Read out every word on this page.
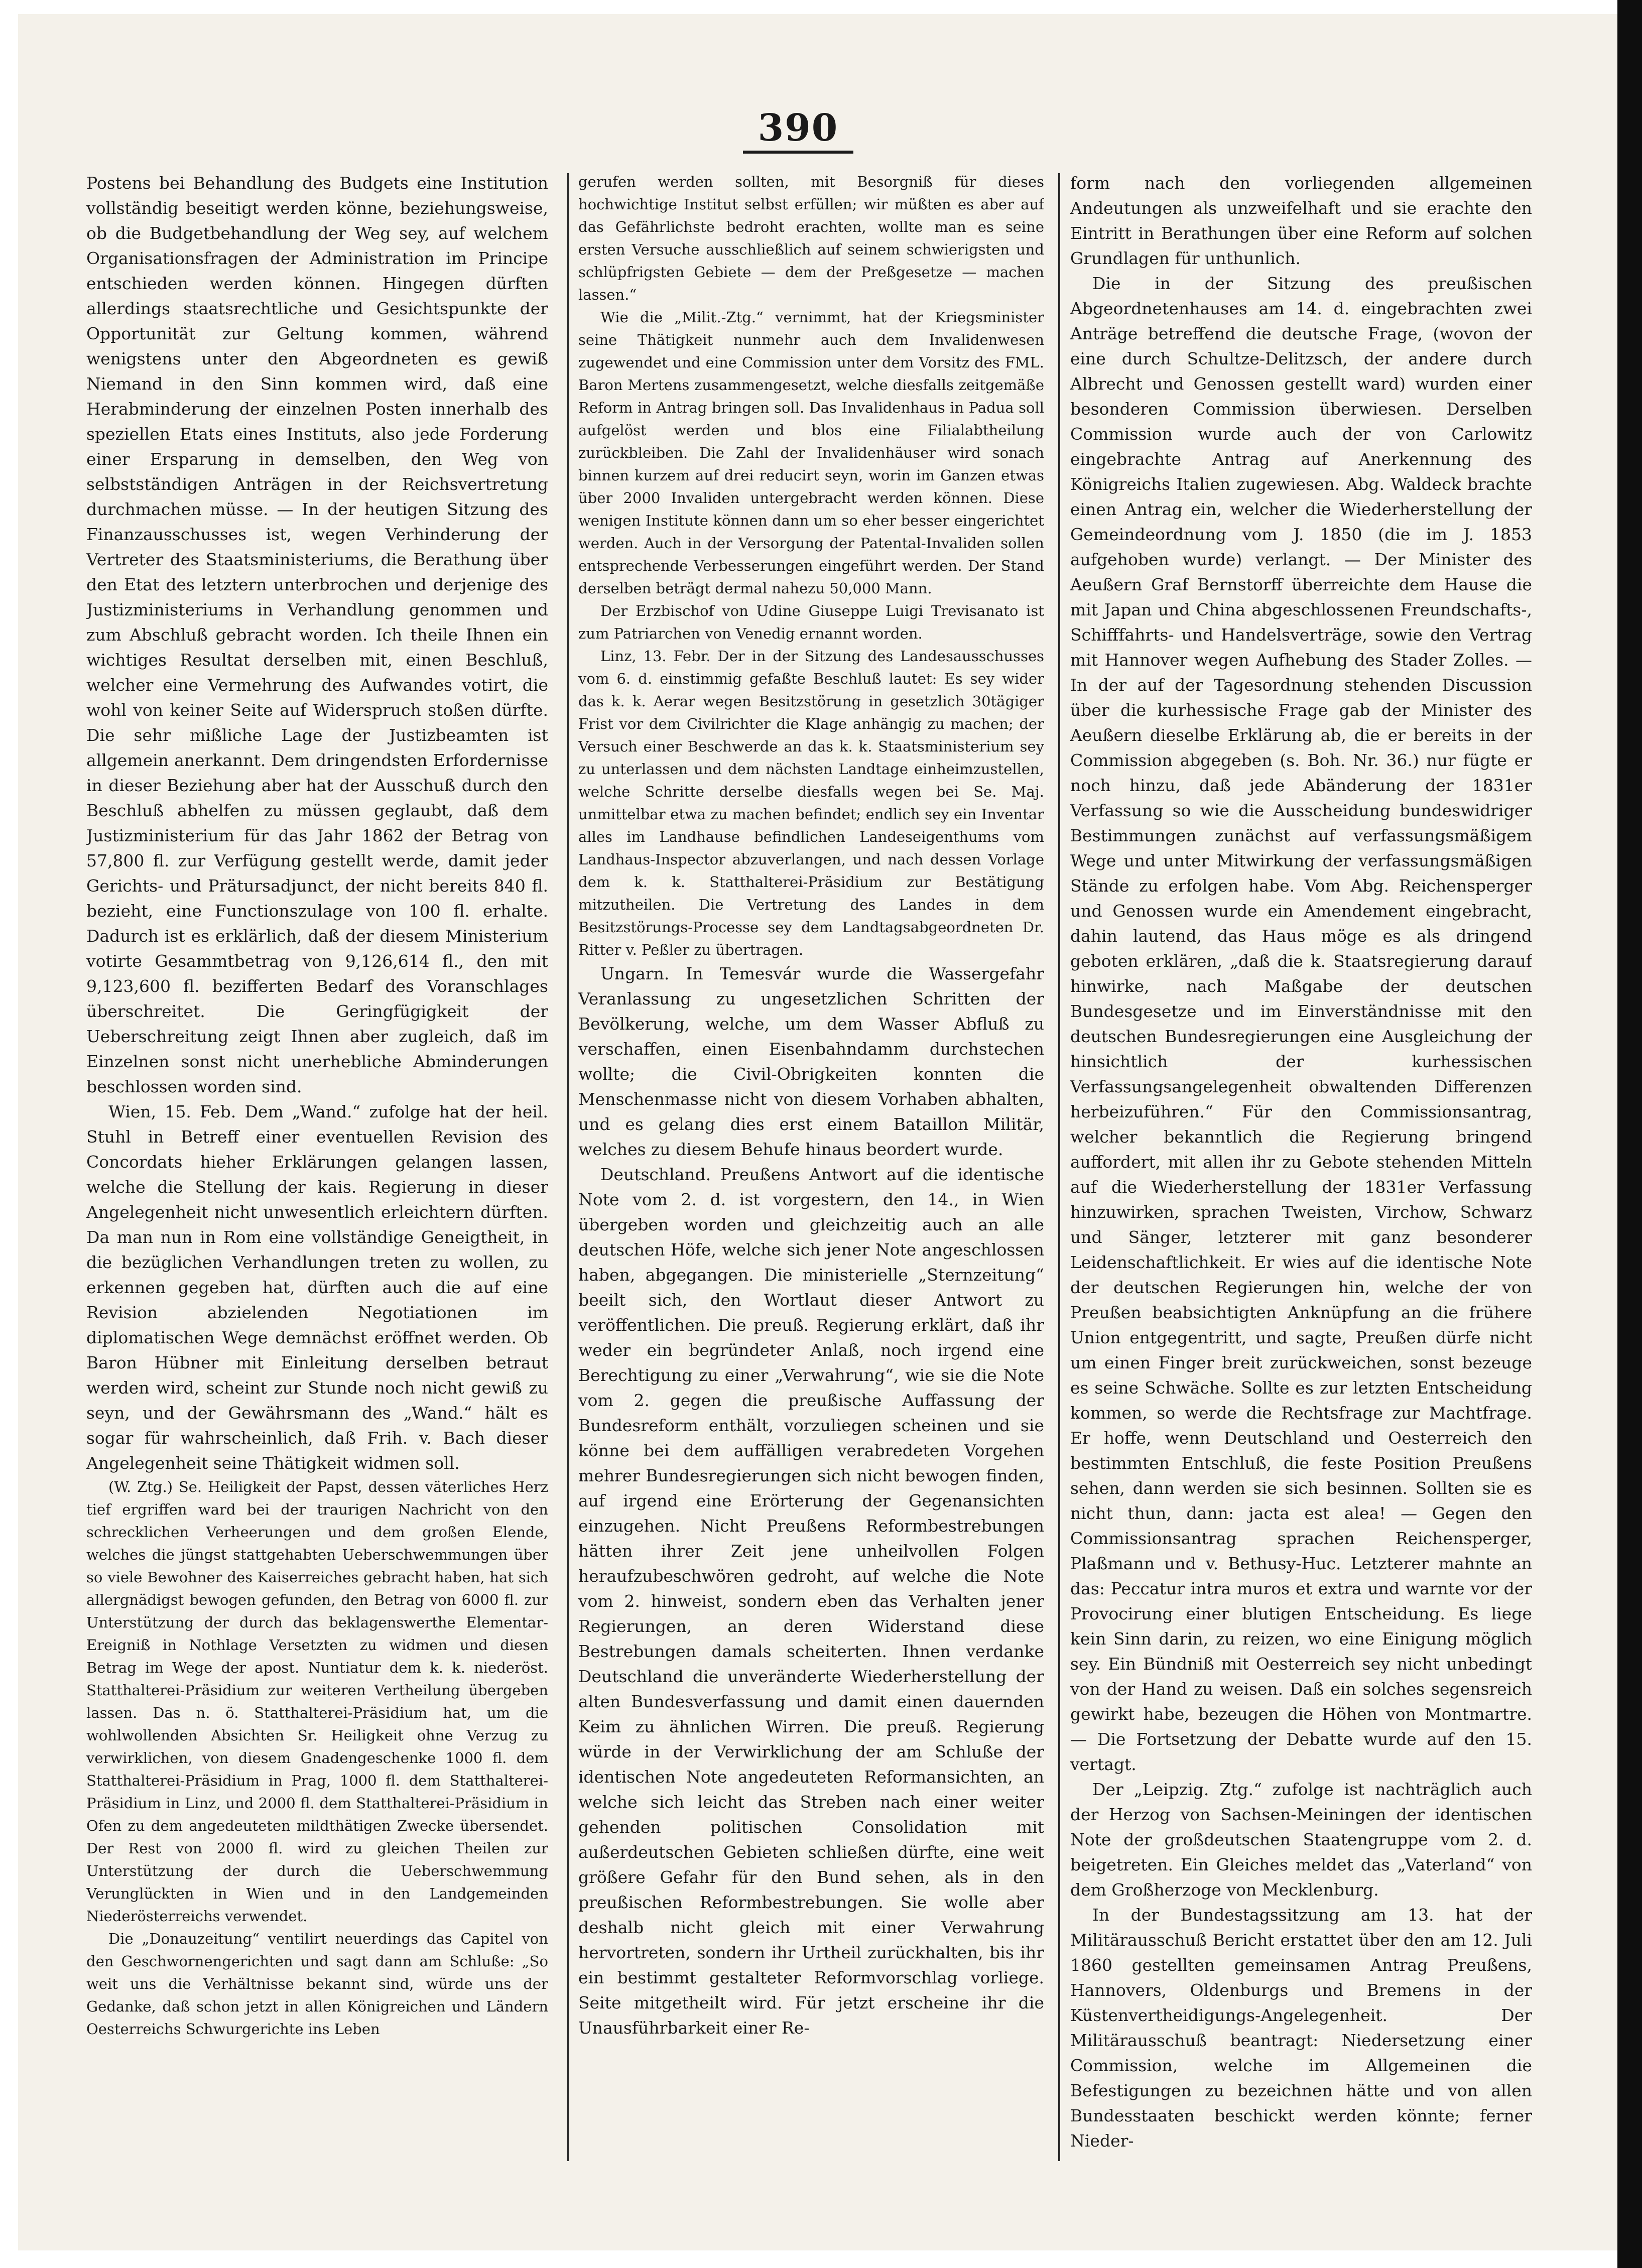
390

Postens bei Behandlung des Budgets eine Institution vollständig beseitigt werden könne, beziehungsweise, ob die Budgetbehandlung der Weg sey, auf welchem Organisationsfragen der Administration im Principe entschieden werden können. Hingegen dürften allerdings staatsrechtliche und Gesichtspunkte der Opportunität zur Geltung kommen, während wenigstens unter den Abgeordneten es gewiß Niemand in den Sinn kommen wird, daß eine Herabminderung der einzelnen Posten innerhalb des speziellen Etats eines Instituts, also jede Forderung einer Ersparung in demselben, den Weg von selbstständigen Anträgen in der Reichsvertretung durchmachen müsse. — In der heutigen Sitzung des Finanzausschusses ist, wegen Verhinderung der Vertreter des Staatsministeriums, die Berathung über den Etat des letztern unterbrochen und derjenige des Justizministeriums in Verhandlung genommen und zum Abschluß gebracht worden. Ich theile Ihnen ein wichtiges Resultat derselben mit, einen Beschluß, welcher eine Vermehrung des Aufwandes votirt, die wohl von keiner Seite auf Widerspruch stoßen dürfte. Die sehr mißliche Lage der Justizbeamten ist allgemein anerkannt. Dem dringendsten Erfordernisse in dieser Beziehung aber hat der Ausschuß durch den Beschluß abhelfen zu müssen geglaubt, daß dem Justizministerium für das Jahr 1862 der Betrag von 57,800 fl. zur Verfügung gestellt werde, damit jeder Gerichts- und Prätursadjunct, der nicht bereits 840 fl. bezieht, eine Functionszulage von 100 fl. erhalte. Dadurch ist es erklärlich, daß der diesem Ministerium votirte Gesammtbetrag von 9,126,614 fl., den mit 9,123,600 fl. bezifferten Bedarf des Voranschlages überschreitet. Die Geringfügigkeit der Ueberschreitung zeigt Ihnen aber zugleich, daß im Einzelnen sonst nicht unerhebliche Abminderungen beschlossen worden sind.

Wien, 15. Feb. Dem „Wand.“ zufolge hat der heil. Stuhl in Betreff einer eventuellen Revision des Concordats hieher Erklärungen gelangen lassen, welche die Stellung der kais. Regierung in dieser Angelegenheit nicht unwesentlich erleichtern dürften. Da man nun in Rom eine vollständige Geneigtheit, in die bezüglichen Verhandlungen treten zu wollen, zu erkennen gegeben hat, dürften auch die auf eine Revision abzielenden Negotiationen im diplomatischen Wege demnächst eröffnet werden. Ob Baron Hübner mit Einleitung derselben betraut werden wird, scheint zur Stunde noch nicht gewiß zu seyn, und der Gewährsmann des „Wand.“ hält es sogar für wahrscheinlich, daß Frih. v. Bach dieser Angelegenheit seine Thätigkeit widmen soll.

(W. Ztg.) Se. Heiligkeit der Papst, dessen väterliches Herz tief ergriffen ward bei der traurigen Nachricht von den schrecklichen Verheerungen und dem großen Elende, welches die jüngst stattgehabten Ueberschwemmungen über so viele Bewohner des Kaiserreiches gebracht haben, hat sich allergnädigst bewogen gefunden, den Betrag von 6000 fl. zur Unterstützung der durch das beklagenswerthe Elementar-Ereigniß in Nothlage Versetzten zu widmen und diesen Betrag im Wege der apost. Nuntiatur dem k. k. niederöst. Statthalterei-Präsidium zur weiteren Vertheilung übergeben lassen. Das n. ö. Statthalterei-Präsidium hat, um die wohlwollenden Absichten Sr. Heiligkeit ohne Verzug zu verwirklichen, von diesem Gnadengeschenke 1000 fl. dem Statthalterei-Präsidium in Prag, 1000 fl. dem Statthalterei-Präsidium in Linz, und 2000 fl. dem Statthalterei-Präsidium in Ofen zu dem angedeuteten mildthätigen Zwecke übersendet. Der Rest von 2000 fl. wird zu gleichen Theilen zur Unterstützung der durch die Ueberschwemmung Verunglückten in Wien und in den Landgemeinden Niederösterreichs verwendet.

Die „Donauzeitung“ ventilirt neuerdings das Capitel von den Geschwornengerichten und sagt dann am Schluße: „So weit uns die Verhältnisse bekannt sind, würde uns der Gedanke, daß schon jetzt in allen Königreichen und Ländern Oesterreichs Schwurgerichte ins Leben

gerufen werden sollten, mit Besorgniß für dieses hochwichtige Institut selbst erfüllen; wir müßten es aber auf das Gefährlichste bedroht erachten, wollte man es seine ersten Versuche ausschließlich auf seinem schwierigsten und schlüpfrigsten Gebiete — dem der Preßgesetze — machen lassen.“

Wie die „Milit.-Ztg.“ vernimmt, hat der Kriegsminister seine Thätigkeit nunmehr auch dem Invalidenwesen zugewendet und eine Commission unter dem Vorsitz des FML. Baron Mertens zusammengesetzt, welche diesfalls zeitgemäße Reform in Antrag bringen soll. Das Invalidenhaus in Padua soll aufgelöst werden und blos eine Filialabtheilung zurückbleiben. Die Zahl der Invalidenhäuser wird sonach binnen kurzem auf drei reducirt seyn, worin im Ganzen etwas über 2000 Invaliden untergebracht werden können. Diese wenigen Institute können dann um so eher besser eingerichtet werden. Auch in der Versorgung der Patental-Invaliden sollen entsprechende Verbesserungen eingeführt werden. Der Stand derselben beträgt dermal nahezu 50,000 Mann.

Der Erzbischof von Udine Giuseppe Luigi Trevisanato ist zum Patriarchen von Venedig ernannt worden.

Linz, 13. Febr. Der in der Sitzung des Landesausschusses vom 6. d. einstimmig gefaßte Beschluß lautet: Es sey wider das k. k. Aerar wegen Besitzstörung in gesetzlich 30tägiger Frist vor dem Civilrichter die Klage anhängig zu machen; der Versuch einer Beschwerde an das k. k. Staatsministerium sey zu unterlassen und dem nächsten Landtage einheimzustellen, welche Schritte derselbe diesfalls wegen bei Se. Maj. unmittelbar etwa zu machen befindet; endlich sey ein Inventar alles im Landhause befindlichen Landeseigenthums vom Landhaus-Inspector abzuverlangen, und nach dessen Vorlage dem k. k. Statthalterei-Präsidium zur Bestätigung mitzutheilen. Die Vertretung des Landes in dem Besitzstörungs-Processe sey dem Landtagsabgeordneten Dr. Ritter v. Peßler zu übertragen.

Ungarn. In Temesvár wurde die Wassergefahr Veranlassung zu ungesetzlichen Schritten der Bevölkerung, welche, um dem Wasser Abfluß zu verschaffen, einen Eisenbahndamm durchstechen wollte; die Civil-Obrigkeiten konnten die Menschenmasse nicht von diesem Vorhaben abhalten, und es gelang dies erst einem Bataillon Militär, welches zu diesem Behufe hinaus beordert wurde.

Deutschland. Preußens Antwort auf die identische Note vom 2. d. ist vorgestern, den 14., in Wien übergeben worden und gleichzeitig auch an alle deutschen Höfe, welche sich jener Note angeschlossen haben, abgegangen. Die ministerielle „Sternzeitung“ beeilt sich, den Wortlaut dieser Antwort zu veröffentlichen. Die preuß. Regierung erklärt, daß ihr weder ein begründeter Anlaß, noch irgend eine Berechtigung zu einer „Verwahrung“, wie sie die Note vom 2. gegen die preußische Auffassung der Bundesreform enthält, vorzuliegen scheinen und sie könne bei dem auffälligen verabredeten Vorgehen mehrer Bundesregierungen sich nicht bewogen finden, auf irgend eine Erörterung der Gegenansichten einzugehen. Nicht Preußens Reformbestrebungen hätten ihrer Zeit jene unheilvollen Folgen heraufzubeschwören gedroht, auf welche die Note vom 2. hinweist, sondern eben das Verhalten jener Regierungen, an deren Widerstand diese Bestrebungen damals scheiterten. Ihnen verdanke Deutschland die unveränderte Wiederherstellung der alten Bundesverfassung und damit einen dauernden Keim zu ähnlichen Wirren. Die preuß. Regierung würde in der Verwirklichung der am Schluße der identischen Note angedeuteten Reformansichten, an welche sich leicht das Streben nach einer weiter gehenden politischen Consolidation mit außerdeutschen Gebieten schließen dürfte, eine weit größere Gefahr für den Bund sehen, als in den preußischen Reformbestrebungen. Sie wolle aber deshalb nicht gleich mit einer Verwahrung hervortreten, sondern ihr Urtheil zurückhalten, bis ihr ein bestimmt gestalteter Reformvorschlag vorliege. Seite mitgetheilt wird. Für jetzt erscheine ihr die Unausführbarkeit einer Re-

form nach den vorliegenden allgemeinen Andeutungen als unzweifelhaft und sie erachte den Eintritt in Berathungen über eine Reform auf solchen Grundlagen für unthunlich.

Die in der Sitzung des preußischen Abgeordnetenhauses am 14. d. eingebrachten zwei Anträge betreffend die deutsche Frage, (wovon der eine durch Schultze-Delitzsch, der andere durch Albrecht und Genossen gestellt ward) wurden einer besonderen Commission überwiesen. Derselben Commission wurde auch der von Carlowitz eingebrachte Antrag auf Anerkennung des Königreichs Italien zugewiesen. Abg. Waldeck brachte einen Antrag ein, welcher die Wiederherstellung der Gemeindeordnung vom J. 1850 (die im J. 1853 aufgehoben wurde) verlangt. — Der Minister des Aeußern Graf Bernstorff überreichte dem Hause die mit Japan und China abgeschlossenen Freundschafts-, Schifffahrts- und Handelsverträge, sowie den Vertrag mit Hannover wegen Aufhebung des Stader Zolles. — In der auf der Tagesordnung stehenden Discussion über die kurhessische Frage gab der Minister des Aeußern dieselbe Erklärung ab, die er bereits in der Commission abgegeben (s. Boh. Nr. 36.) nur fügte er noch hinzu, daß jede Abänderung der 1831er Verfassung so wie die Ausscheidung bundeswidriger Bestimmungen zunächst auf verfassungsmäßigem Wege und unter Mitwirkung der verfassungsmäßigen Stände zu erfolgen habe. Vom Abg. Reichensperger und Genossen wurde ein Amendement eingebracht, dahin lautend, das Haus möge es als dringend geboten erklären, „daß die k. Staatsregierung darauf hinwirke, nach Maßgabe der deutschen Bundesgesetze und im Einverständnisse mit den deutschen Bundesregierungen eine Ausgleichung der hinsichtlich der kurhessischen Verfassungsangelegenheit obwaltenden Differenzen herbeizuführen.“ Für den Commissionsantrag, welcher bekanntlich die Regierung bringend auffordert, mit allen ihr zu Gebote stehenden Mitteln auf die Wiederherstellung der 1831er Verfassung hinzuwirken, sprachen Tweisten, Virchow, Schwarz und Sänger, letzterer mit ganz besonderer Leidenschaftlichkeit. Er wies auf die identische Note der deutschen Regierungen hin, welche der von Preußen beabsichtigten Anknüpfung an die frühere Union entgegentritt, und sagte, Preußen dürfe nicht um einen Finger breit zurückweichen, sonst bezeuge es seine Schwäche. Sollte es zur letzten Entscheidung kommen, so werde die Rechtsfrage zur Machtfrage. Er hoffe, wenn Deutschland und Oesterreich den bestimmten Entschluß, die feste Position Preußens sehen, dann werden sie sich besinnen. Sollten sie es nicht thun, dann: jacta est alea! — Gegen den Commissionsantrag sprachen Reichensperger, Plaßmann und v. Bethusy-Huc. Letzterer mahnte an das: Peccatur intra muros et extra und warnte vor der Provocirung einer blutigen Entscheidung. Es liege kein Sinn darin, zu reizen, wo eine Einigung möglich sey. Ein Bündniß mit Oesterreich sey nicht unbedingt von der Hand zu weisen. Daß ein solches segensreich gewirkt habe, bezeugen die Höhen von Montmartre. — Die Fortsetzung der Debatte wurde auf den 15. vertagt.

Der „Leipzig. Ztg.“ zufolge ist nachträglich auch der Herzog von Sachsen-Meiningen der identischen Note der großdeutschen Staatengruppe vom 2. d. beigetreten. Ein Gleiches meldet das „Vaterland“ von dem Großherzoge von Mecklenburg.

In der Bundestagssitzung am 13. hat der Militärausschuß Bericht erstattet über den am 12. Juli 1860 gestellten gemeinsamen Antrag Preußens, Hannovers, Oldenburgs und Bremens in der Küstenvertheidigungs-Angelegenheit. Der Militärausschuß beantragt: Niedersetzung einer Commission, welche im Allgemeinen die Befestigungen zu bezeichnen hätte und von allen Bundesstaaten beschickt werden könnte; ferner Nieder-
